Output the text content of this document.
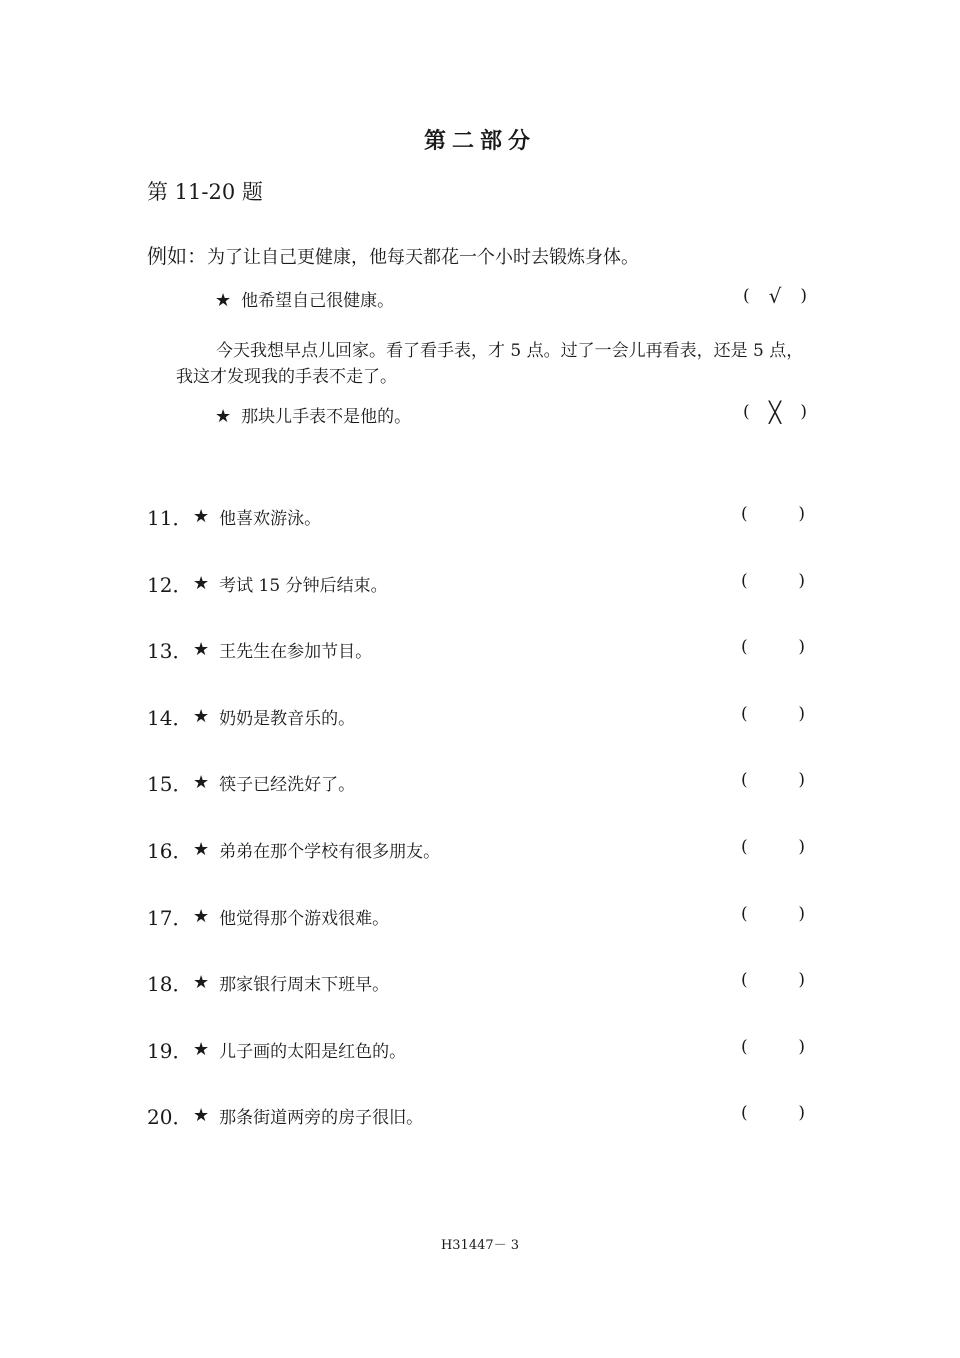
第二部分
第 11-20 题
例如：为了让自己更健康，他每天都花一个小时去锻炼身体。
★ 他希望自己很健康。	( √ )
今天我想早点儿回家。看了看手表，才 5 点。过了一会儿再看表，还是 5 点，我这才发现我的手表不走了。
★ 那块儿手表不是他的。	( ╳ )
11． ★ 他喜欢游泳。	(	)
12． ★ 考试 15 分钟后结束。	(	)
13． ★ 王先生在参加节目。	(	)
14． ★ 奶奶是教音乐的。	(	)
15． ★ 筷子已经洗好了。	(	)
16． ★ 弟弟在那个学校有很多朋友。	(	)
17． ★ 他觉得那个游戏很难。	(	)
18． ★ 那家银行周末下班早。	(	)
19． ★ 儿子画的太阳是红色的。	(	)
20． ★ 那条街道两旁的房子很旧。	(	)
H31447－ 3
